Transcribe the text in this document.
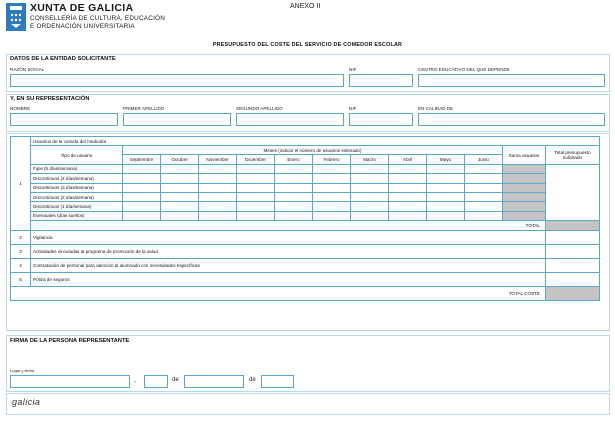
XUNTA DE GALICIA
CONSELLERÍA DE CULTURA, EDUCACIÓN
E ORDENACIÓN UNIVERSITARIA
ANEXO II
PRESUPUESTO DEL COSTE DEL SERVICIO DE COMEDOR ESCOLAR
DATOS DE LA ENTIDAD SOLICITANTE
RAZÓN SOCIAL	NIF	CENTRO EDUCATIVO DEL QUE DEPENDE
Y, EN SU REPRESENTACIÓN
NOMBRE	PRIMER APELLIDO	SEGUNDO APELLIDO	NIF	EN CALIDAD DE
1	Usuarios de la comida del mediodía												
	Tipo de usuario	Meses (indicar el número de usuarios estimado)										Suma usuarios	Total presupuesto solicitado
		Septiembre	Octubre	Noviembre	Diciembre	Enero	Febrero	Marzo	Abril	Mayo	Junio		
	Fijos (5 días/semana)												
	Discontinuos (4 días/semana)												
	Discontinuos (3 días/semana)												
	Discontinuos (2 días/semana)												
	Discontinuos (1 día/semana)												
	Eventuales (días sueltos)												
	TOTAL												
2	Vigilancia												
3	Actividades vinculadas al programa de promoción de la salud												
4	Contratación de personal para atención al alumnado con necesidades específicas												
5	Póliza de seguros												
TOTAL COSTE													
FIRMA DE LA PERSONA REPRESENTANTE
Lugar y fecha
,	de	de
galicia
